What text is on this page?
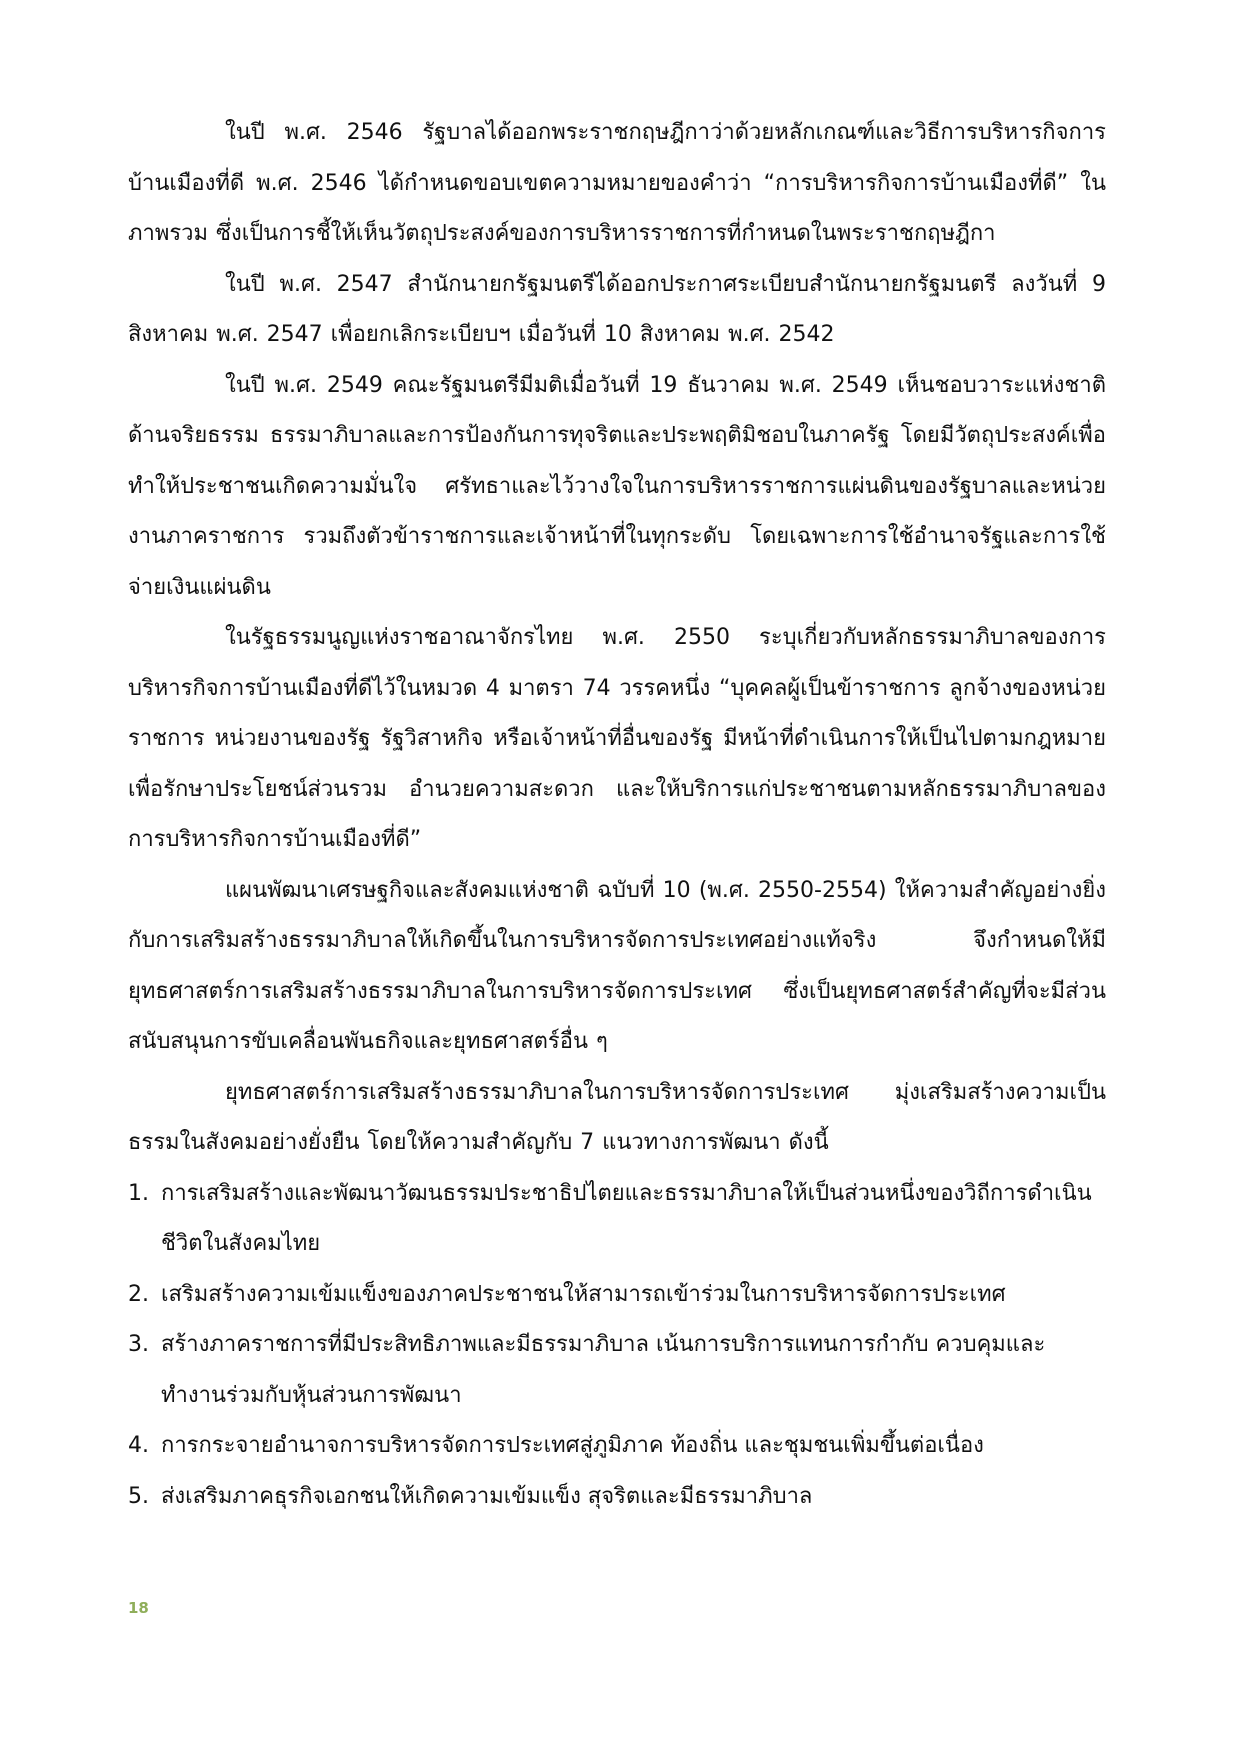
ในปี พ.ศ. 2546 รัฐบาลได้ออกพระราชกฤษฎีกาว่าด้วยหลักเกณฑ์และวิธีการบริหารกิจการบ้านเมืองที่ดี พ.ศ. 2546 ได้กำหนดขอบเขตความหมายของคำว่า “การบริหารกิจการบ้านเมืองที่ดี” ในภาพรวม ซึ่งเป็นการชี้ให้เห็นวัตถุประสงค์ของการบริหารราชการที่กำหนดในพระราชกฤษฎีกา

ในปี พ.ศ. 2547 สำนักนายกรัฐมนตรีได้ออกประกาศระเบียบสำนักนายกรัฐมนตรี ลงวันที่ 9 สิงหาคม พ.ศ. 2547 เพื่อยกเลิกระเบียบฯ เมื่อวันที่ 10 สิงหาคม พ.ศ. 2542

ในปี พ.ศ. 2549 คณะรัฐมนตรีมีมติเมื่อวันที่ 19 ธันวาคม พ.ศ. 2549 เห็นชอบวาระแห่งชาติด้านจริยธรรม ธรรมาภิบาลและการป้องกันการทุจริตและประพฤติมิชอบในภาครัฐ โดยมีวัตถุประสงค์เพื่อทำให้ประชาชนเกิดความมั่นใจ ศรัทธาและไว้วางใจในการบริหารราชการแผ่นดินของรัฐบาลและหน่วยงานภาคราชการ รวมถึงตัวข้าราชการและเจ้าหน้าที่ในทุกระดับ โดยเฉพาะการใช้อำนาจรัฐและการใช้จ่ายเงินแผ่นดิน

ในรัฐธรรมนูญแห่งราชอาณาจักรไทย พ.ศ. 2550 ระบุเกี่ยวกับหลักธรรมาภิบาลของการบริหารกิจการบ้านเมืองที่ดีไว้ในหมวด 4 มาตรา 74 วรรคหนึ่ง “บุคคลผู้เป็นข้าราชการ ลูกจ้างของหน่วยราชการ หน่วยงานของรัฐ รัฐวิสาหกิจ หรือเจ้าหน้าที่อื่นของรัฐ มีหน้าที่ดำเนินการให้เป็นไปตามกฎหมายเพื่อรักษาประโยชน์ส่วนรวม อำนวยความสะดวก และให้บริการแก่ประชาชนตามหลักธรรมาภิบาลของการบริหารกิจการบ้านเมืองที่ดี”

แผนพัฒนาเศรษฐกิจและสังคมแห่งชาติ ฉบับที่ 10 (พ.ศ. 2550-2554) ให้ความสำคัญอย่างยิ่งกับการเสริมสร้างธรรมาภิบาลให้เกิดขึ้นในการบริหารจัดการประเทศอย่างแท้จริง จึงกำหนดให้มียุทธศาสตร์การเสริมสร้างธรรมาภิบาลในการบริหารจัดการประเทศ ซึ่งเป็นยุทธศาสตร์สำคัญที่จะมีส่วนสนับสนุนการขับเคลื่อนพันธกิจและยุทธศาสตร์อื่น ๆ

ยุทธศาสตร์การเสริมสร้างธรรมาภิบาลในการบริหารจัดการประเทศ มุ่งเสริมสร้างความเป็นธรรมในสังคมอย่างยั่งยืน โดยให้ความสำคัญกับ 7 แนวทางการพัฒนา ดังนี้

1. การเสริมสร้างและพัฒนาวัฒนธรรมประชาธิปไตยและธรรมาภิบาลให้เป็นส่วนหนึ่งของวิถีการดำเนินชีวิตในสังคมไทย
2. เสริมสร้างความเข้มแข็งของภาคประชาชนให้สามารถเข้าร่วมในการบริหารจัดการประเทศ
3. สร้างภาคราชการที่มีประสิทธิภาพและมีธรรมาภิบาล เน้นการบริการแทนการกำกับ ควบคุมและทำงานร่วมกับหุ้นส่วนการพัฒนา
4. การกระจายอำนาจการบริหารจัดการประเทศสู่ภูมิภาค ท้องถิ่น และชุมชนเพิ่มขึ้นต่อเนื่อง
5. ส่งเสริมภาคธุรกิจเอกชนให้เกิดความเข้มแข็ง สุจริตและมีธรรมาภิบาล
18
